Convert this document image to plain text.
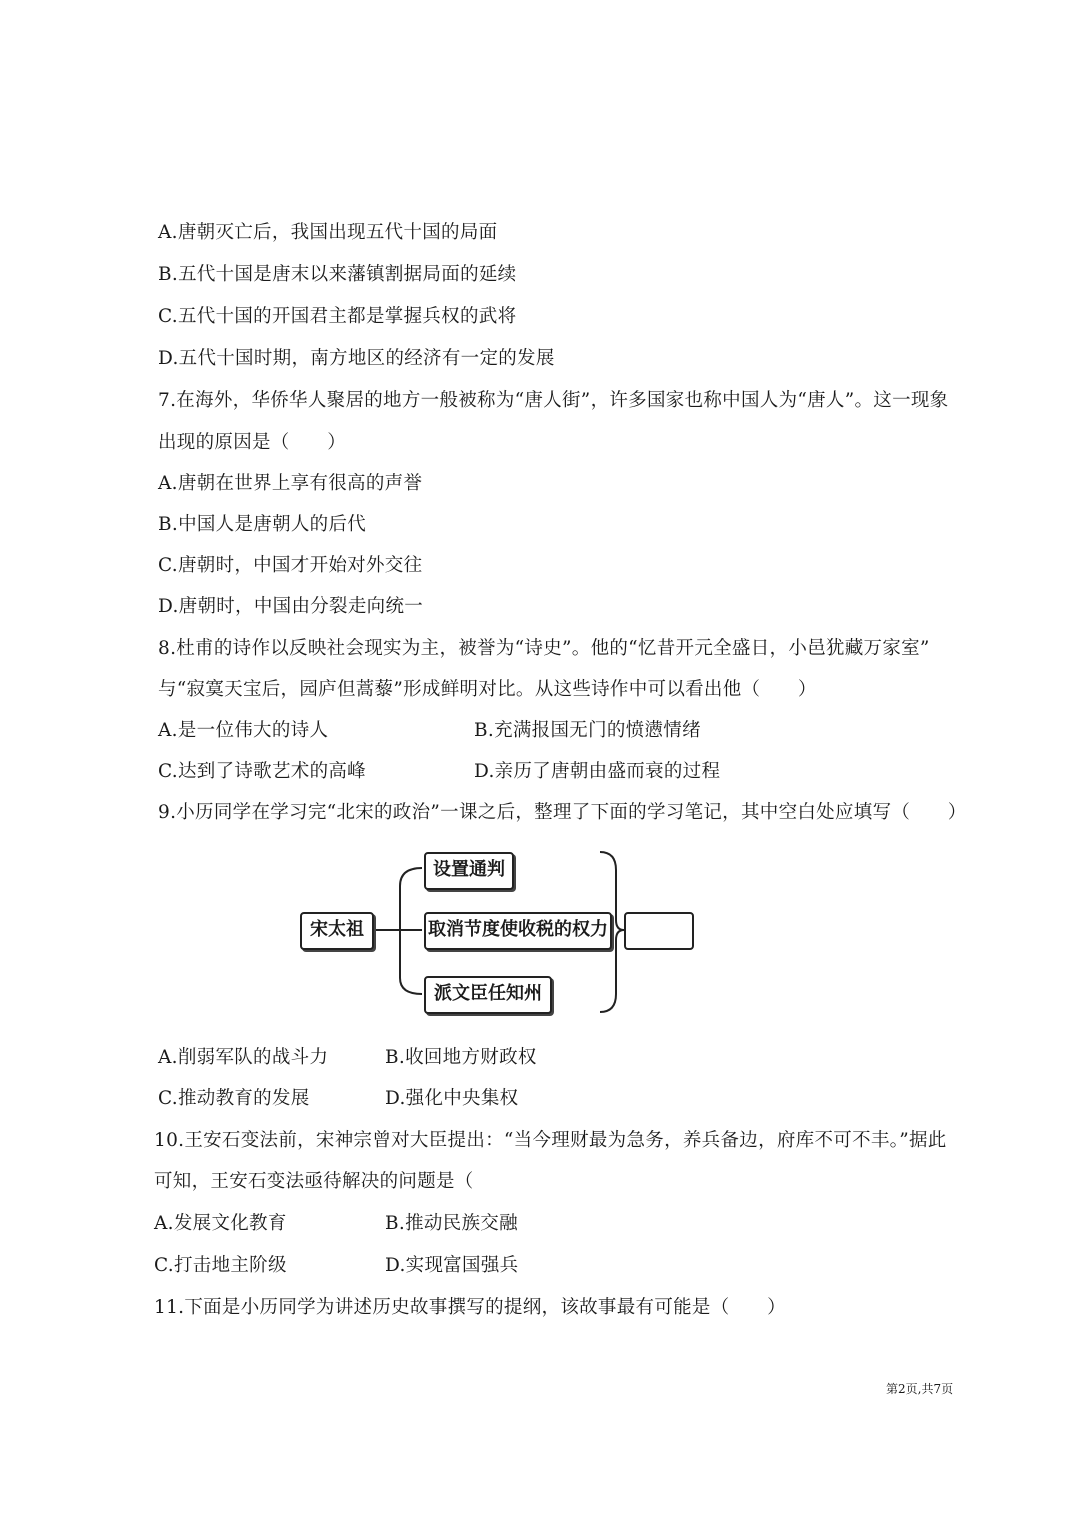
A.唐朝灭亡后，我国出现五代十国的局面
B.五代十国是唐末以来藩镇割据局面的延续
C.五代十国的开国君主都是掌握兵权的武将
D.五代十国时期，南方地区的经济有一定的发展
7.在海外，华侨华人聚居的地方一般被称为“唐人街”，许多国家也称中国人为“唐人”。这一现象
出现的原因是（　　）
A.唐朝在世界上享有很高的声誉
B.中国人是唐朝人的后代
C.唐朝时，中国才开始对外交往
D.唐朝时，中国由分裂走向统一
8.杜甫的诗作以反映社会现实为主，被誉为“诗史”。他的“忆昔开元全盛日，小邑犹藏万家室”
与“寂寞天宝后，园庐但蒿藜”形成鲜明对比。从这些诗作中可以看出他（　　）
A.是一位伟大的诗人	B.充满报国无门的愤懑情绪
C.达到了诗歌艺术的高峰	D.亲历了唐朝由盛而衰的过程
9.小历同学在学习完“北宋的政治”一课之后，整理了下面的学习笔记，其中空白处应填写（　　）
宋太祖
设置通判
取消节度使收税的权力
派文臣任知州
A.削弱军队的战斗力	B.收回地方财政权
C.推动教育的发展	D.强化中央集权
10.王安石变法前，宋神宗曾对大臣提出：“当今理财最为急务，养兵备边，府库不可不丰。”据此
可知，王安石变法亟待解决的问题是（
A.发展文化教育	B.推动民族交融
C.打击地主阶级	D.实现富国强兵
11.下面是小历同学为讲述历史故事撰写的提纲，该故事最有可能是（　　）
第2页,共7页
